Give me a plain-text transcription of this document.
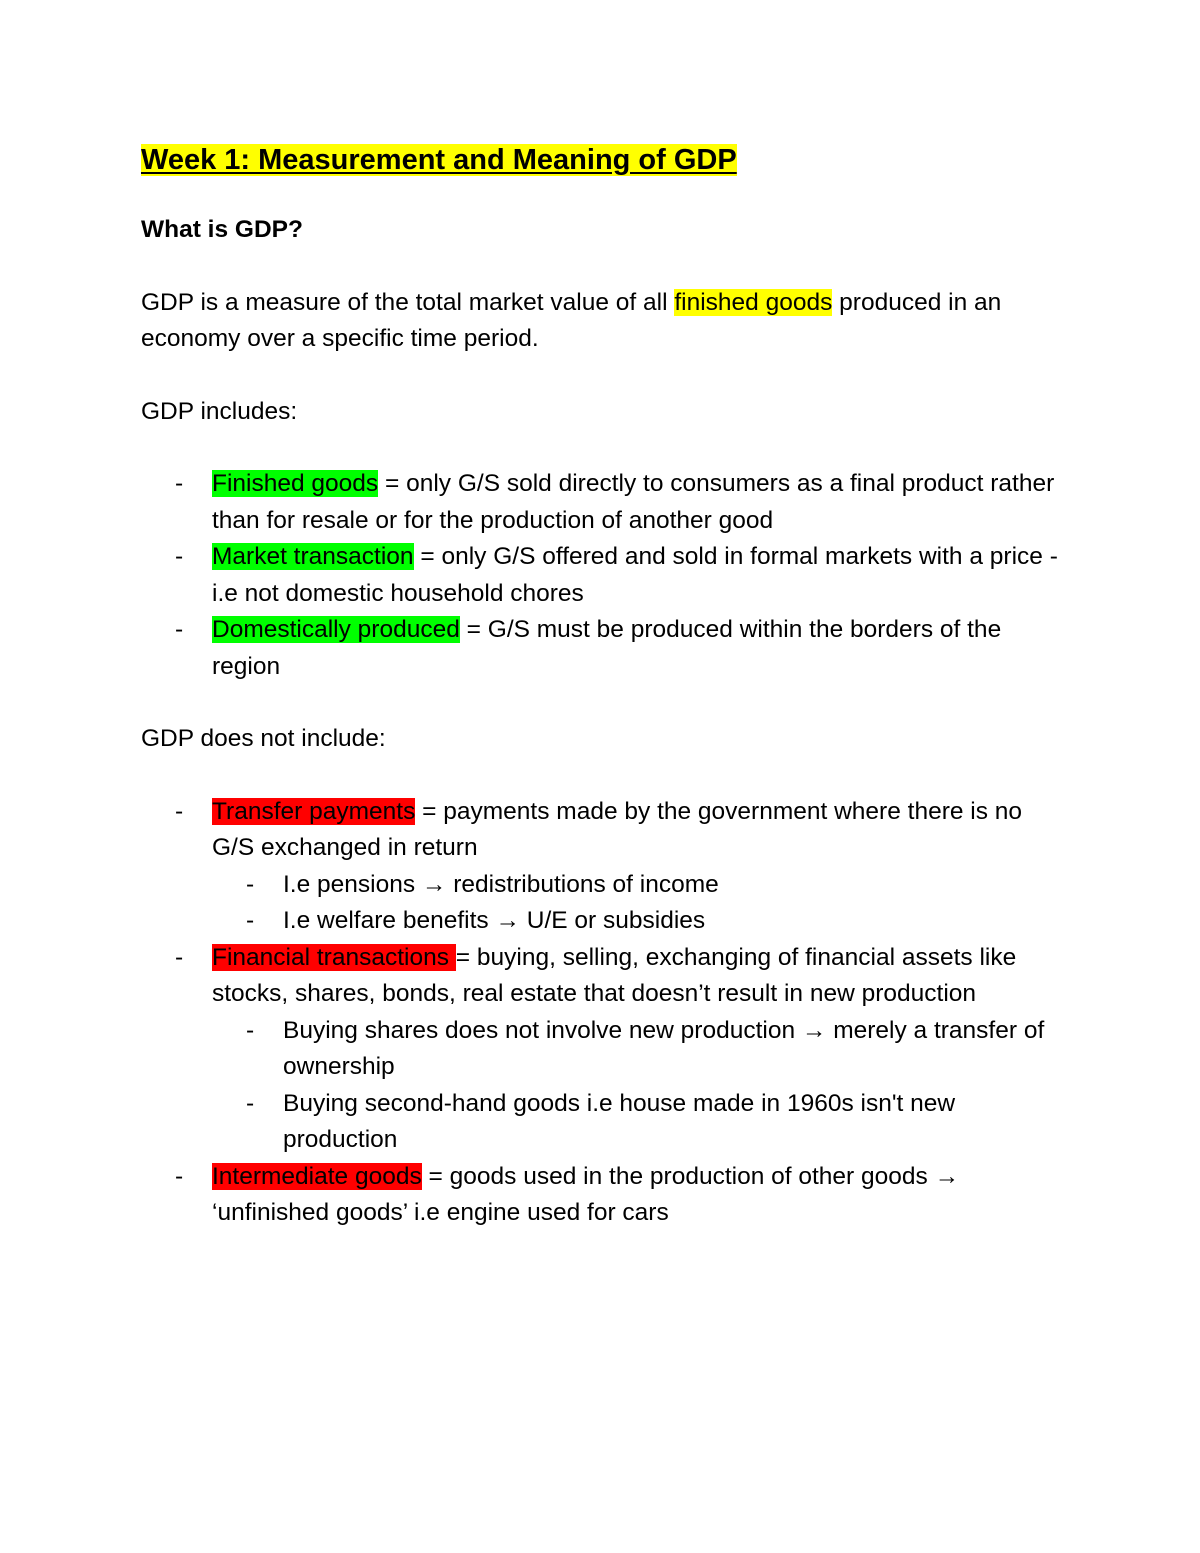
Week 1: Measurement and Meaning of GDP

What is GDP?

GDP is a measure of the total market value of all finished goods produced in an economy over a specific time period.

GDP includes:

- Finished goods = only G/S sold directly to consumers as a final product rather than for resale or for the production of another good
- Market transaction = only G/S offered and sold in formal markets with a price - i.e not domestic household chores
- Domestically produced = G/S must be produced within the borders of the region

GDP does not include:

- Transfer payments = payments made by the government where there is no G/S exchanged in return
- I.e pensions → redistributions of income
- I.e welfare benefits → U/E or subsidies
- Financial transactions = buying, selling, exchanging of financial assets like stocks, shares, bonds, real estate that doesn’t result in new production
- Buying shares does not involve new production → merely a transfer of ownership
- Buying second-hand goods i.e house made in 1960s isn't new production
- Intermediate goods = goods used in the production of other goods → ‘unfinished goods’ i.e engine used for cars
